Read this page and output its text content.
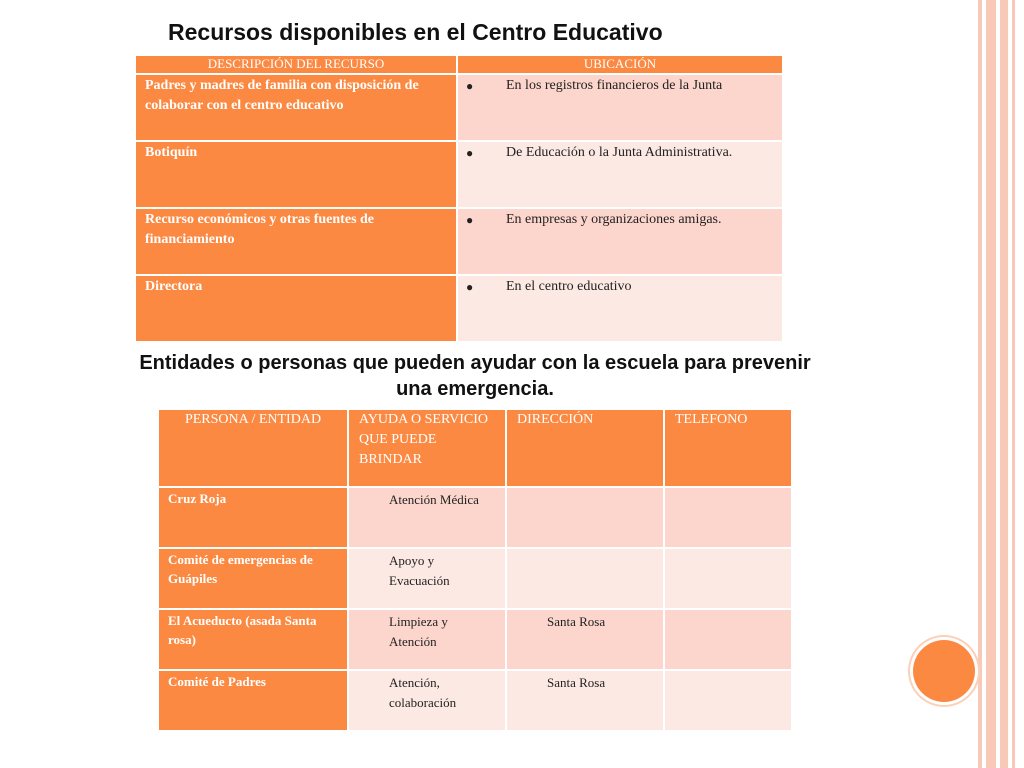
Recursos disponibles en el Centro Educativo
DESCRIPCIÓN DEL RECURSO	UBICACIÓN
Padres y madres de familia con disposición de colaborar con el centro educativo	● En los registros financieros de la Junta

Botiquín	● De Educación o la Junta Administrativa.

Recurso económicos y otras fuentes de financiamiento	● En empresas y organizaciones amigas.

Directora	● En el centro educativo
Entidades o personas que pueden ayudar con la escuela para prevenir una emergencia.
PERSONA / ENTIDAD	AYUDA O SERVICIO QUE PUEDE BRINDAR	DIRECCIÓN	TELEFONO
Cruz Roja	Atención Médica		
Comité de emergencias de Guápiles	Apoyo y Evacuación		
El Acueducto (asada Santa rosa)	Limpieza y Atención	Santa Rosa	
Comité de Padres	Atención, colaboración	Santa Rosa	
